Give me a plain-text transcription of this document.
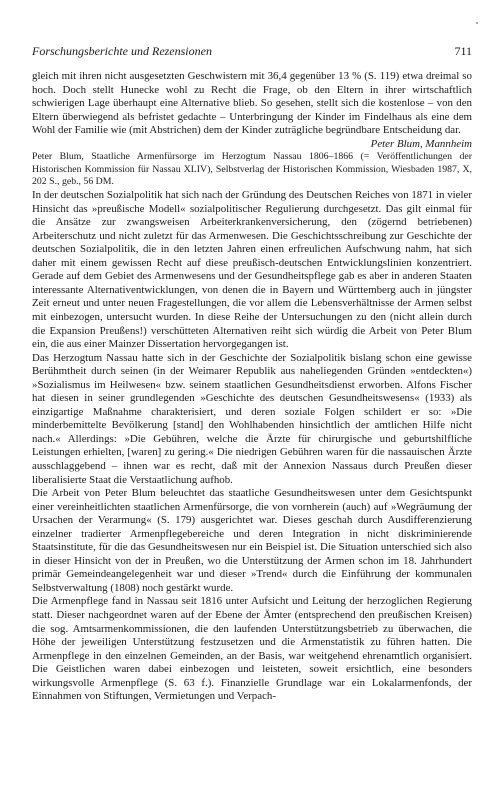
Forschungsberichte und Rezensionen	711

gleich mit ihren nicht ausgesetzten Geschwistern mit 36,4 gegenüber 13 % (S. 119) etwa dreimal so hoch. Doch stellt Hunecke wohl zu Recht die Frage, ob den Eltern in ihrer wirtschaftlich schwierigen Lage überhaupt eine Alternative blieb. So gesehen, stellt sich die kostenlose – von den Eltern überwiegend als befristet gedachte – Unterbringung der Kinder im Findelhaus als eine dem Wohl der Familie wie (mit Abstrichen) dem der Kinder zuträgliche begründbare Entscheidung dar.
Peter Blum, Mannheim

Peter Blum, Staatliche Armenfürsorge im Herzogtum Nassau 1806–1866 (= Veröffentlichungen der Historischen Kommission für Nassau XLIV), Selbstverlag der Historischen Kommission, Wiesbaden 1987, X, 202 S., geb., 56 DM.

In der deutschen Sozialpolitik hat sich nach der Gründung des Deutschen Reiches von 1871 in vieler Hinsicht das »preußische Modell« sozialpolitischer Regulierung durchgesetzt. Das gilt einmal für die Ansätze zur zwangsweisen Arbeiterkrankenversicherung, den (zögernd betriebenen) Arbeiterschutz und nicht zuletzt für das Armenwesen. Die Geschichtsschreibung zur Geschichte der deutschen Sozialpolitik, die in den letzten Jahren einen erfreulichen Aufschwung nahm, hat sich daher mit einem gewissen Recht auf diese preußisch-deutschen Entwicklungslinien konzentriert. Gerade auf dem Gebiet des Armenwesens und der Gesundheitspflege gab es aber in anderen Staaten interessante Alternativentwicklungen, von denen die in Bayern und Württemberg auch in jüngster Zeit erneut und unter neuen Fragestellungen, die vor allem die Lebensverhältnisse der Armen selbst mit einbezogen, untersucht wurden. In diese Reihe der Untersuchungen zu den (nicht allein durch die Expansion Preußens!) verschütteten Alternativen reiht sich würdig die Arbeit von Peter Blum ein, die aus einer Mainzer Dissertation hervorgegangen ist.

Das Herzogtum Nassau hatte sich in der Geschichte der Sozialpolitik bislang schon eine gewisse Berühmtheit durch seinen (in der Weimarer Republik aus naheliegenden Gründen »entdeckten«) »Sozialismus im Heilwesen« bzw. seinem staatlichen Gesundheitsdienst erworben. Alfons Fischer hat diesen in seiner grundlegenden »Geschichte des deutschen Gesundheitswesens« (1933) als einzigartige Maßnahme charakterisiert, und deren soziale Folgen schildert er so: »Die minderbemittelte Bevölkerung [stand] den Wohlhabenden hinsichtlich der amtlichen Hilfe nicht nach.« Allerdings: »Die Gebühren, welche die Ärzte für chirurgische und geburtshilfliche Leistungen erhielten, [waren] zu gering.« Die niedrigen Gebühren waren für die nassauischen Ärzte ausschlaggebend – ihnen war es recht, daß mit der Annexion Nassaus durch Preußen dieser liberalisierte Staat die Verstaatlichung aufhob.

Die Arbeit von Peter Blum beleuchtet das staatliche Gesundheitswesen unter dem Gesichtspunkt einer vereinheitlichten staatlichen Armenfürsorge, die von vornherein (auch) auf »Wegräumung der Ursachen der Verarmung« (S. 179) ausgerichtet war. Dieses geschah durch Ausdifferenzierung einzelner tradierter Armenpflegebereiche und deren Integration in nicht diskriminierende Staatsinstitute, für die das Gesundheitswesen nur ein Beispiel ist. Die Situation unterschied sich also in dieser Hinsicht von der in Preußen, wo die Unterstützung der Armen schon im 18. Jahrhundert primär Gemeindeangelegenheit war und dieser »Trend« durch die Einführung der kommunalen Selbstverwaltung (1808) noch gestärkt wurde.

Die Armenpflege fand in Nassau seit 1816 unter Aufsicht und Leitung der herzoglichen Regierung statt. Dieser nachgeordnet waren auf der Ebene der Ämter (entsprechend den preußischen Kreisen) die sog. Amtsarmenkommissionen, die den laufenden Unterstützungsbetrieb zu überwachen, die Höhe der jeweiligen Unterstützung festzusetzen und die Armenstatistik zu führen hatten. Die Armenpflege in den einzelnen Gemeinden, an der Basis, war weitgehend ehrenamtlich organisiert. Die Geistlichen waren dabei einbezogen und leisteten, soweit ersichtlich, eine besonders wirkungsvolle Armenpflege (S. 63 f.). Finanzielle Grundlage war ein Lokalarmenfonds, der Einnahmen von Stiftungen, Vermietungen und Verpach-
